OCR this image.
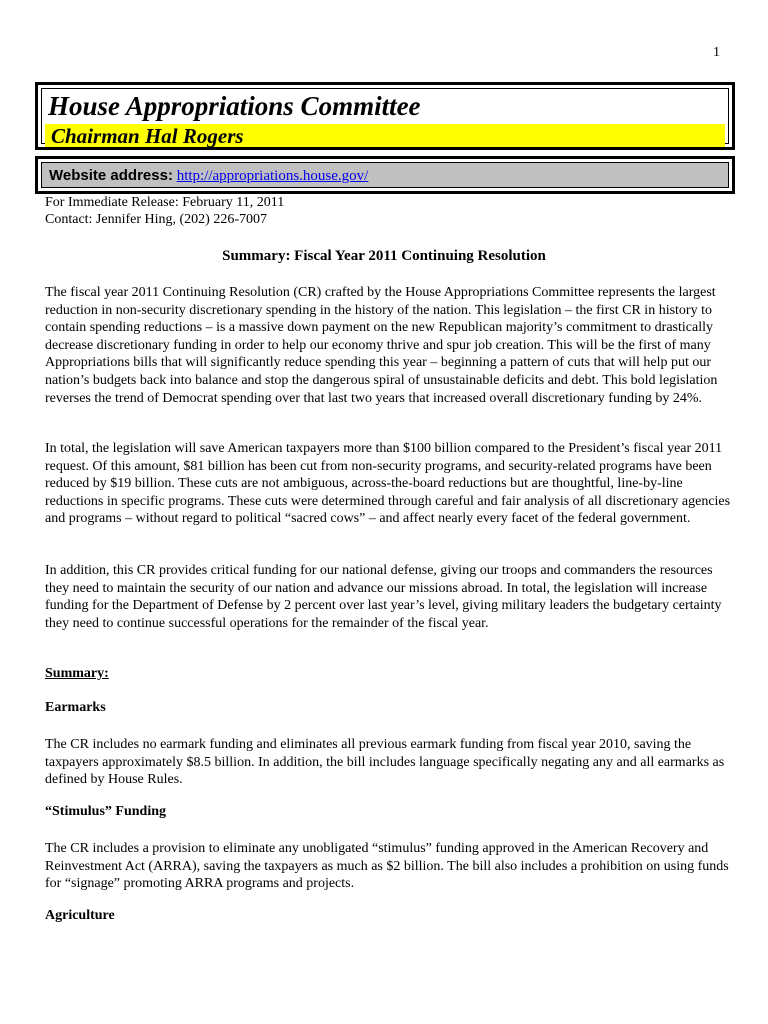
1
House Appropriations Committee
Chairman Hal Rogers
Website address: http://appropriations.house.gov/
For Immediate Release: February 11, 2011
Contact: Jennifer Hing, (202) 226-7007
Summary: Fiscal Year 2011 Continuing Resolution

The fiscal year 2011 Continuing Resolution (CR) crafted by the House Appropriations Committee represents the largest reduction in non-security discretionary spending in the history of the nation. This legislation – the first CR in history to contain spending reductions – is a massive down payment on the new Republican majority’s commitment to drastically decrease discretionary funding in order to help our economy thrive and spur job creation. This will be the first of many Appropriations bills that will significantly reduce spending this year – beginning a pattern of cuts that will help put our nation’s budgets back into balance and stop the dangerous spiral of unsustainable deficits and debt. This bold legislation reverses the trend of Democrat spending over that last two years that increased overall discretionary funding by 24%.

In total, the legislation will save American taxpayers more than $100 billion compared to the President’s fiscal year 2011 request. Of this amount, $81 billion has been cut from non-security programs, and security-related programs have been reduced by $19 billion. These cuts are not ambiguous, across-the-board reductions but are thoughtful, line-by-line reductions in specific programs. These cuts were determined through careful and fair analysis of all discretionary agencies and programs – without regard to political “sacred cows” – and affect nearly every facet of the federal government.

In addition, this CR provides critical funding for our national defense, giving our troops and commanders the resources they need to maintain the security of our nation and advance our missions abroad. In total, the legislation will increase funding for the Department of Defense by 2 percent over last year’s level, giving military leaders the budgetary certainty they need to continue successful operations for the remainder of the fiscal year.

Summary:

Earmarks

The CR includes no earmark funding and eliminates all previous earmark funding from fiscal year 2010, saving the taxpayers approximately $8.5 billion. In addition, the bill includes language specifically negating any and all earmarks as defined by House Rules.

“Stimulus” Funding

The CR includes a provision to eliminate any unobligated “stimulus” funding approved in the American Recovery and Reinvestment Act (ARRA), saving the taxpayers as much as $2 billion. The bill also includes a prohibition on using funds for “signage” promoting ARRA programs and projects.

Agriculture
